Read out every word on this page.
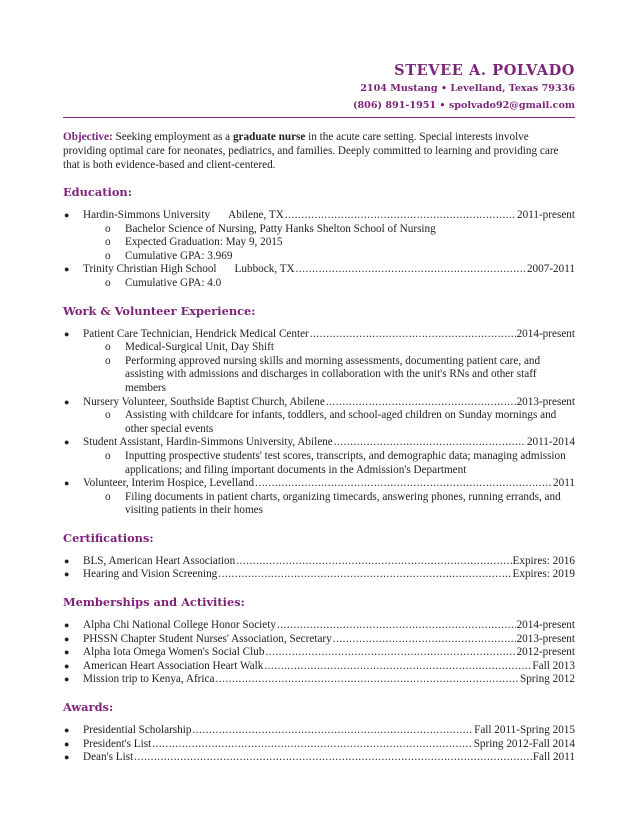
STEVEE A. POLVADO
2104 Mustang • Levelland, Texas 79336
(806) 891-1951 • spolvado92@gmail.com
Objective: Seeking employment as a graduate nurse in the acute care setting. Special interests involve providing optimal care for neonates, pediatrics, and families. Deeply committed to learning and providing care that is both evidence-based and client-centered.
Education:
● Hardin-Simmons University Abilene, TX .....	2011-present
o Bachelor Science of Nursing, Patty Hanks Shelton School of Nursing
o Expected Graduation: May 9, 2015
o Cumulative GPA: 3.969
● Trinity Christian High School Lubbock, TX .....	2007-2011
o Cumulative GPA: 4.0
Work & Volunteer Experience:
● Patient Care Technician, Hendrick Medical Center .....	2014-present
o Medical-Surgical Unit, Day Shift
o Performing approved nursing skills and morning assessments, documenting patient care, and assisting with admissions and discharges in collaboration with the unit's RNs and other staff members
● Nursery Volunteer, Southside Baptist Church, Abilene .....	2013-present
o Assisting with childcare for infants, toddlers, and school-aged children on Sunday mornings and other special events
● Student Assistant, Hardin-Simmons University, Abilene .....	2011-2014
o Inputting prospective students' test scores, transcripts, and demographic data; managing admission applications; and filing important documents in the Admission's Department
● Volunteer, Interim Hospice, Levelland .....	2011
o Filing documents in patient charts, organizing timecards, answering phones, running errands, and visiting patients in their homes
Certifications:
● BLS, American Heart Association .....	Expires: 2016
● Hearing and Vision Screening .....	Expires: 2019
Memberships and Activities:
● Alpha Chi National College Honor Society .....	2014-present
● PHSSN Chapter Student Nurses' Association, Secretary .....	2013-present
● Alpha Iota Omega Women's Social Club .....	2012-present
● American Heart Association Heart Walk .....	Fall 2013
● Mission trip to Kenya, Africa .....	Spring 2012
Awards:
● Presidential Scholarship .....	Fall 2011-Spring 2015
● President's List .....	Spring 2012-Fall 2014
● Dean's List .....	Fall 2011
